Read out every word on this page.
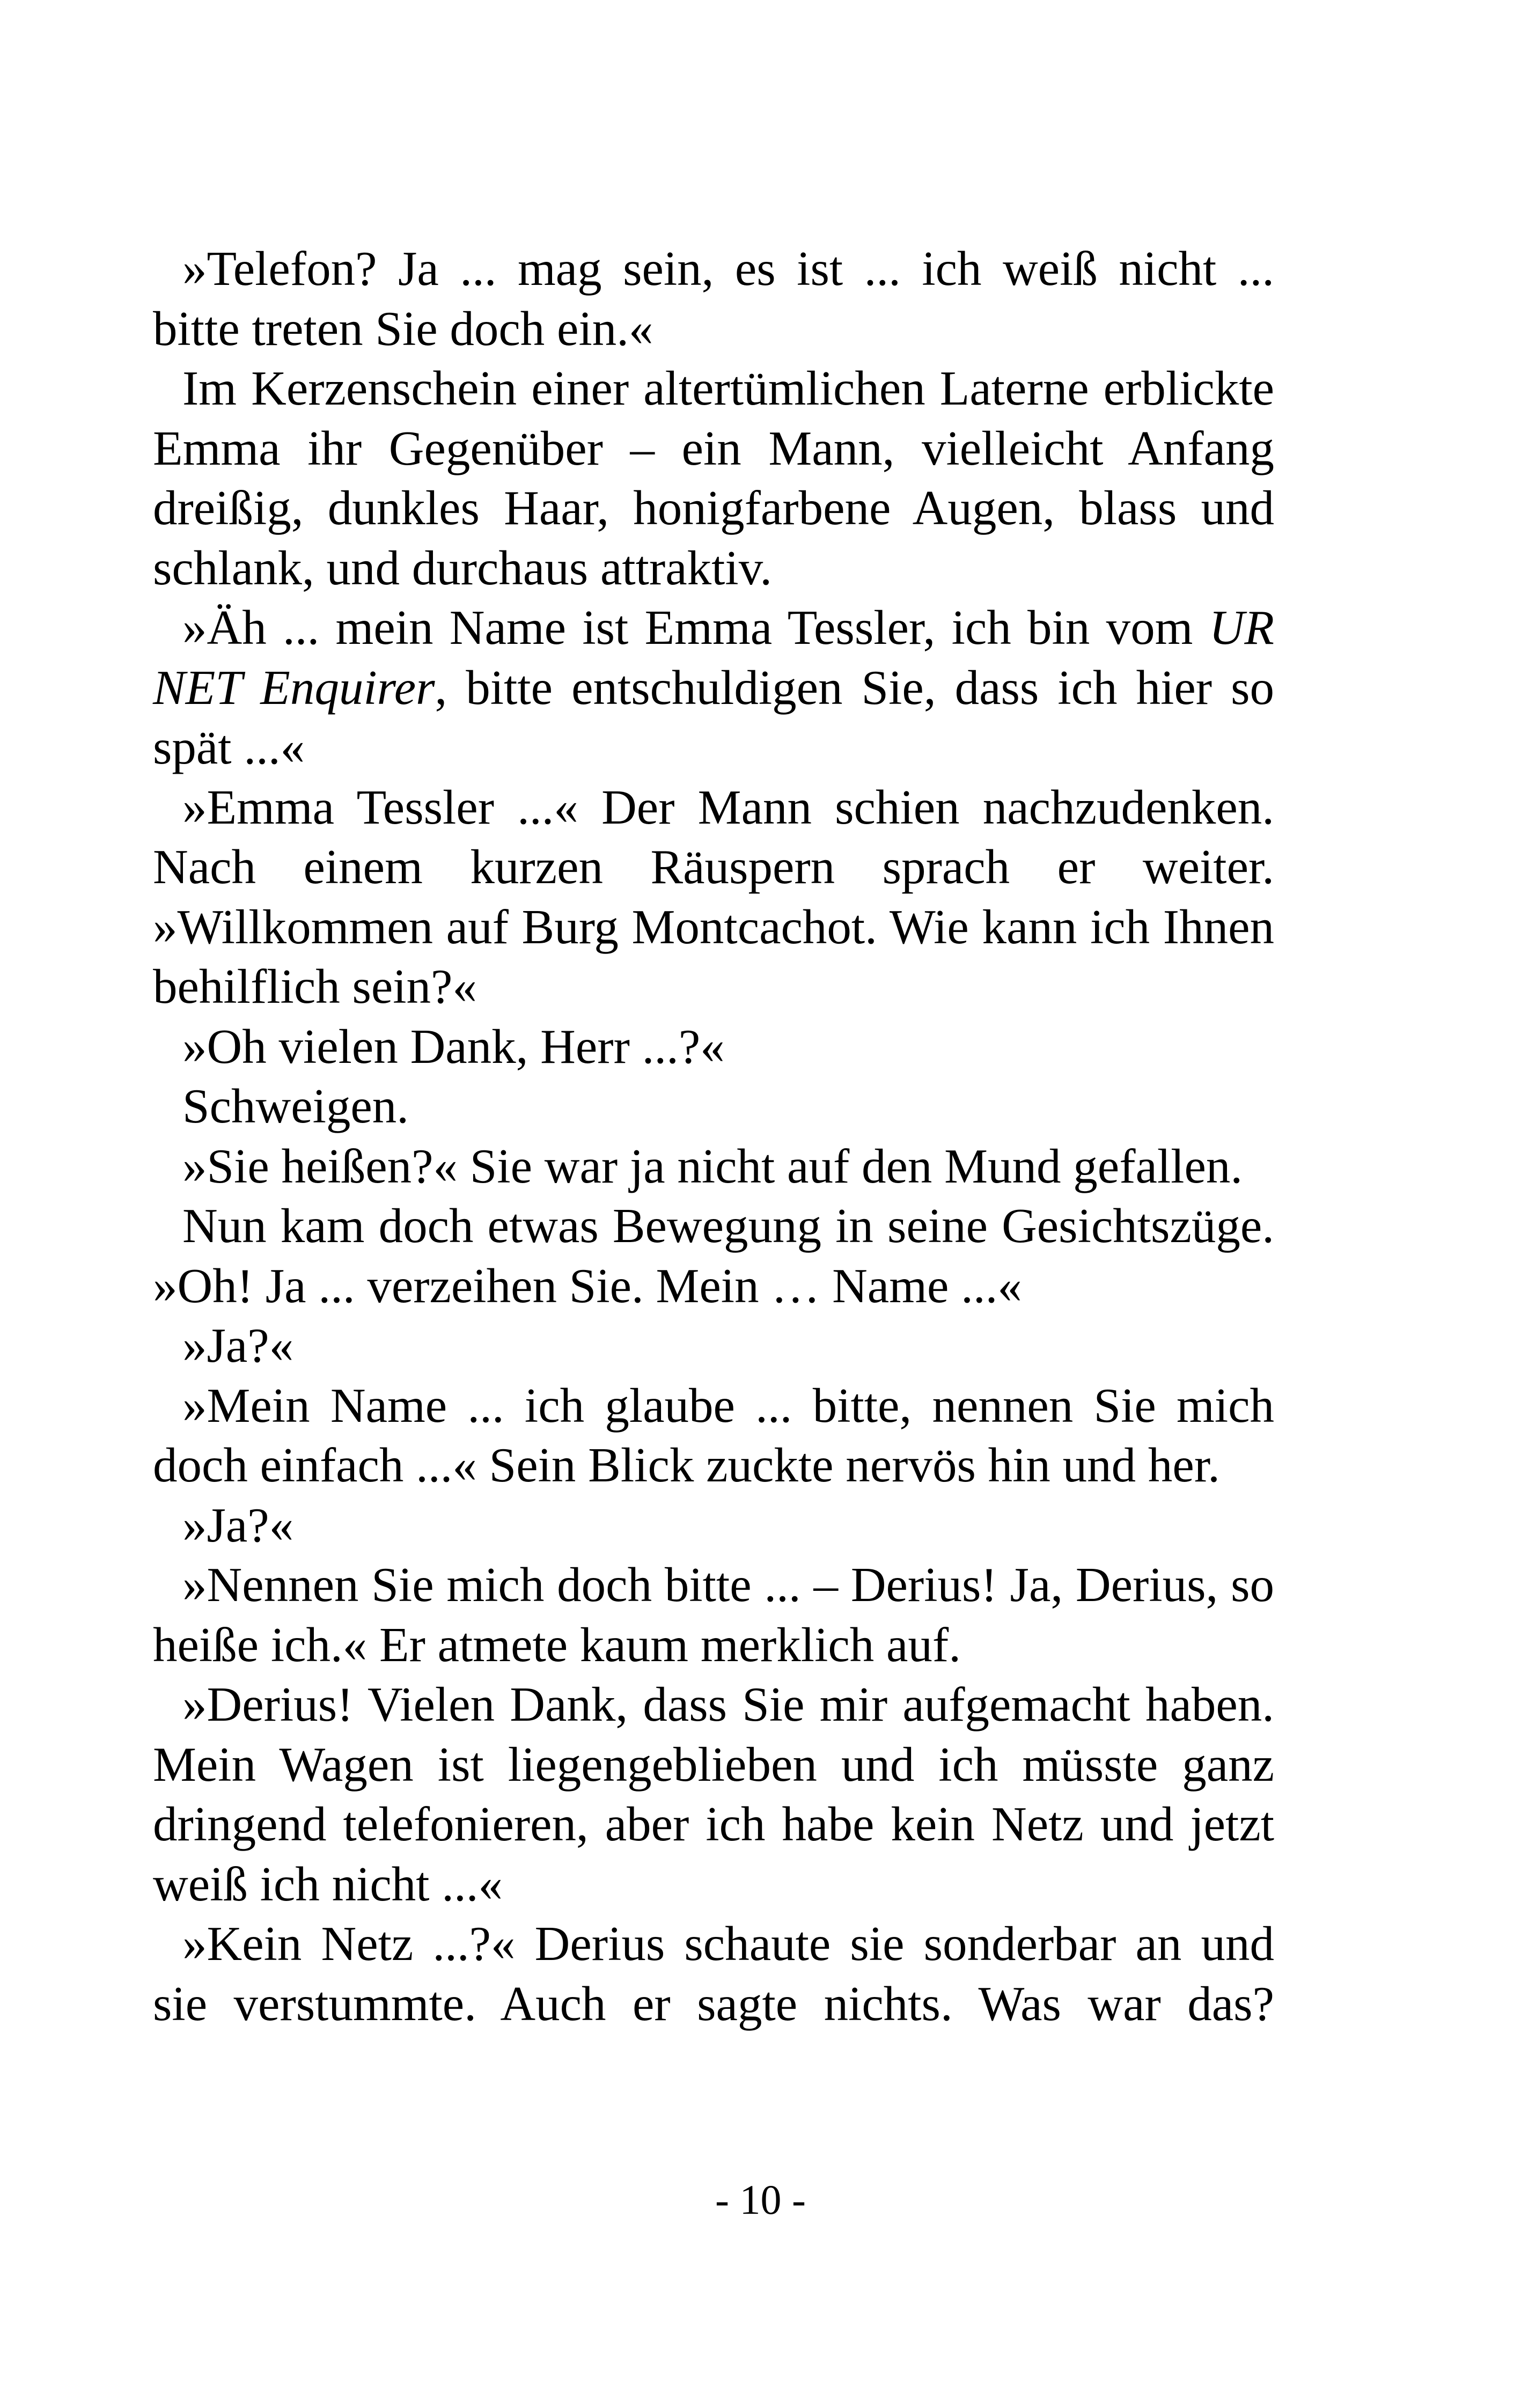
»Telefon? Ja ... mag sein, es ist ... ich weiß nicht ... bitte treten Sie doch ein.«

Im Kerzenschein einer altertümlichen Laterne erblickte Emma ihr Gegenüber – ein Mann, vielleicht Anfang dreißig, dunkles Haar, honigfarbene Augen, blass und schlank, und durchaus attraktiv.

»Äh ... mein Name ist Emma Tessler, ich bin vom UR NET Enquirer, bitte entschuldigen Sie, dass ich hier so spät ...«

»Emma Tessler ...« Der Mann schien nachzudenken. Nach einem kurzen Räuspern sprach er weiter. »Willkommen auf Burg Montcachot. Wie kann ich Ihnen behilflich sein?«

»Oh vielen Dank, Herr ...?«

Schweigen.

»Sie heißen?« Sie war ja nicht auf den Mund gefallen.

Nun kam doch etwas Bewegung in seine Gesichtszüge. »Oh! Ja ... verzeihen Sie. Mein … Name ...«

»Ja?«

»Mein Name ... ich glaube ... bitte, nennen Sie mich doch einfach ...« Sein Blick zuckte nervös hin und her.

»Ja?«

»Nennen Sie mich doch bitte ... – Derius! Ja, Derius, so heiße ich.« Er atmete kaum merklich auf.

»Derius! Vielen Dank, dass Sie mir aufgemacht haben. Mein Wagen ist liegengeblieben und ich müsste ganz dringend telefonieren, aber ich habe kein Netz und jetzt weiß ich nicht ...«

»Kein Netz ...?« Derius schaute sie sonderbar an und sie verstummte. Auch er sagte nichts. Was war das?

- 10 -
